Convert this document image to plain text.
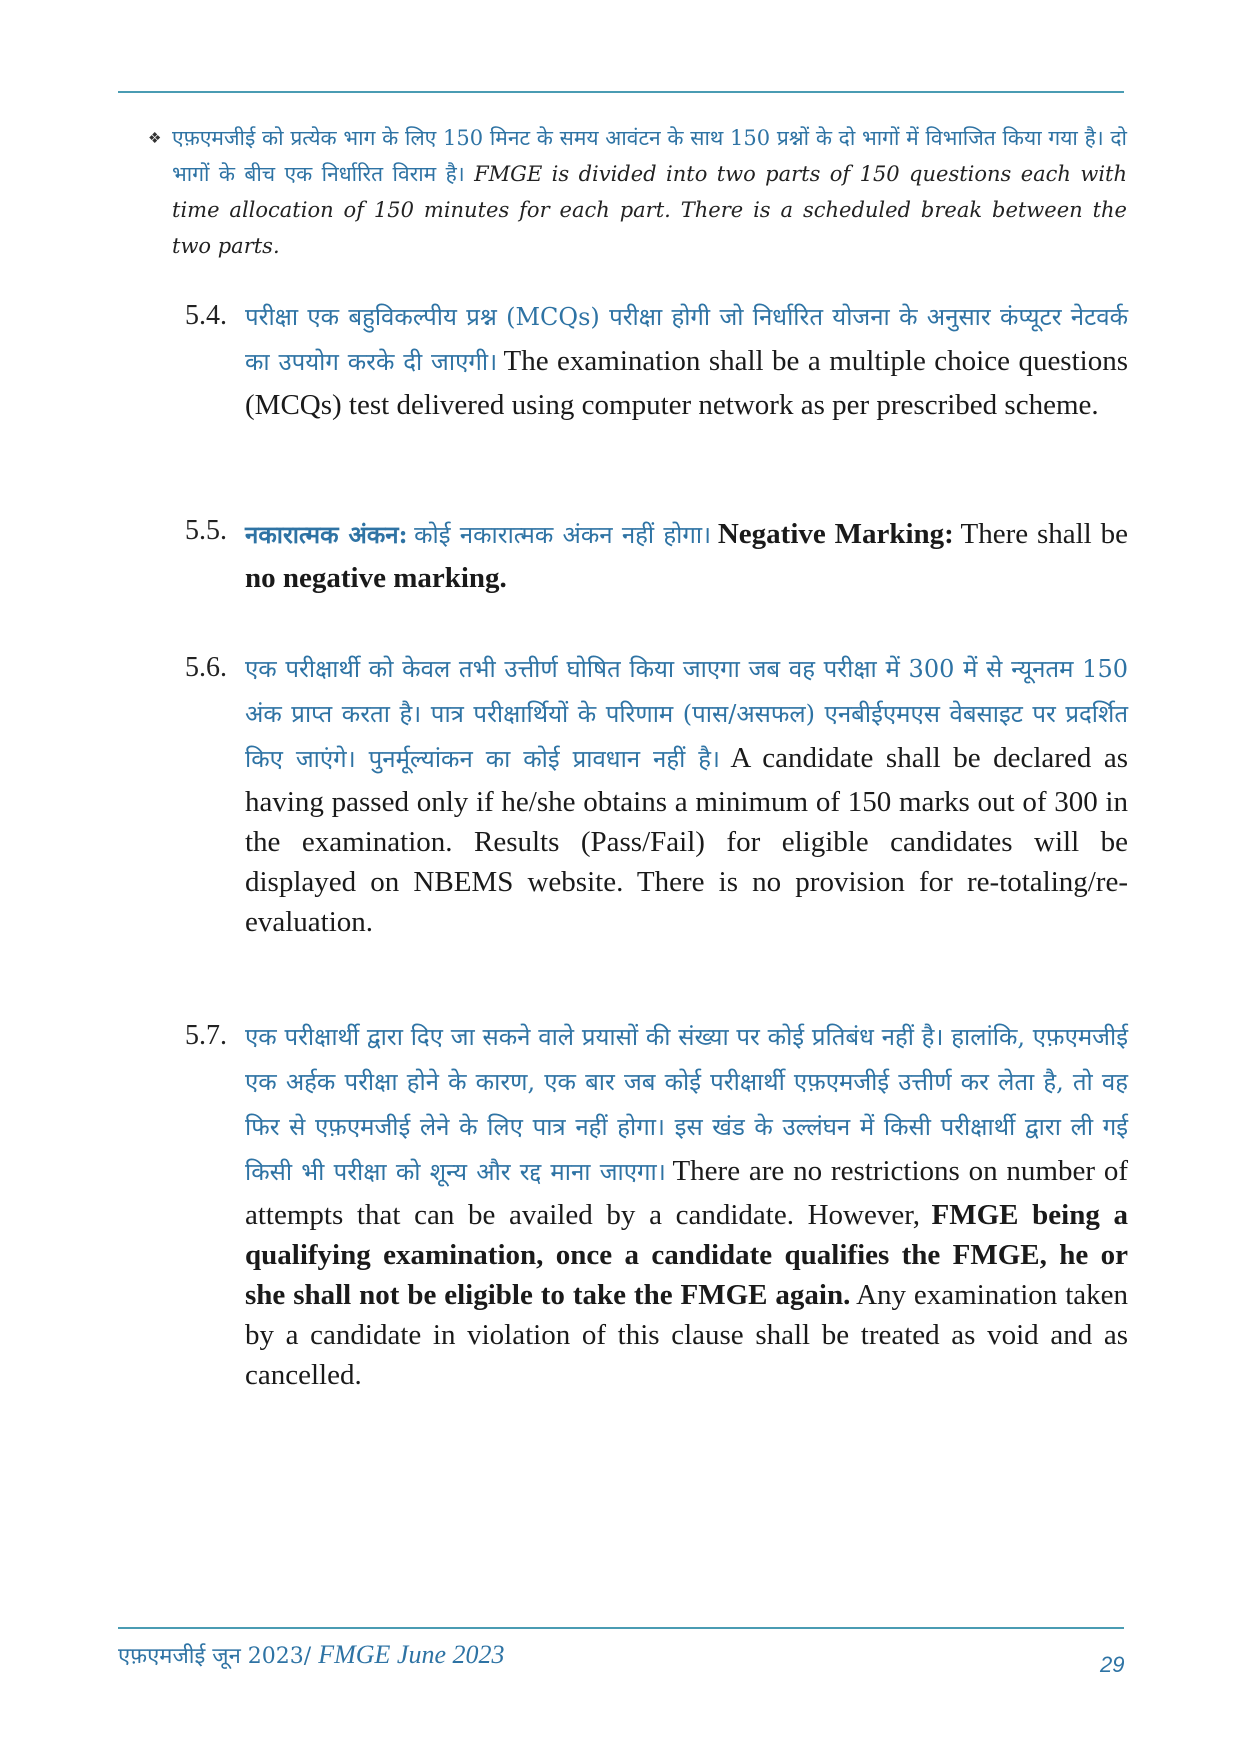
❖ एफ़एमजीई को प्रत्येक भाग के लिए 150 मिनट के समय आवंटन के साथ 150 प्रश्नों के दो भागों में विभाजित किया गया है। दो भागों के बीच एक निर्धारित विराम है। FMGE is divided into two parts of 150 questions each with time allocation of 150 minutes for each part. There is a scheduled break between the two parts.
5.4. परीक्षा एक बहुविकल्पीय प्रश्न (MCQs) परीक्षा होगी जो निर्धारित योजना के अनुसार कंप्यूटर नेटवर्क का उपयोग करके दी जाएगी। The examination shall be a multiple choice questions (MCQs) test delivered using computer network as per prescribed scheme.
5.5. नकारात्मक अंकन: कोई नकारात्मक अंकन नहीं होगा। Negative Marking: There shall be no negative marking.
5.6. एक परीक्षार्थी को केवल तभी उत्तीर्ण घोषित किया जाएगा जब वह परीक्षा में 300 में से न्यूनतम 150 अंक प्राप्त करता है। पात्र परीक्षार्थियों के परिणाम (पास/असफल) एनबीईएमएस वेबसाइट पर प्रदर्शित किए जाएंगे। पुनर्मूल्यांकन का कोई प्रावधान नहीं है। A candidate shall be declared as having passed only if he/she obtains a minimum of 150 marks out of 300 in the examination. Results (Pass/Fail) for eligible candidates will be displayed on NBEMS website. There is no provision for re-totaling/re-evaluation.
5.7. एक परीक्षार्थी द्वारा दिए जा सकने वाले प्रयासों की संख्या पर कोई प्रतिबंध नहीं है। हालांकि, एफ़एमजीई एक अर्हक परीक्षा होने के कारण, एक बार जब कोई परीक्षार्थी एफ़एमजीई उत्तीर्ण कर लेता है, तो वह फिर से एफ़एमजीई लेने के लिए पात्र नहीं होगा। इस खंड के उल्लंघन में किसी परीक्षार्थी द्वारा ली गई किसी भी परीक्षा को शून्य और रद्द माना जाएगा। There are no restrictions on number of attempts that can be availed by a candidate. However, FMGE being a qualifying examination, once a candidate qualifies the FMGE, he or she shall not be eligible to take the FMGE again. Any examination taken by a candidate in violation of this clause shall be treated as void and as cancelled.
एफ़एमजीई जून 2023/ FMGE June 2023	29
